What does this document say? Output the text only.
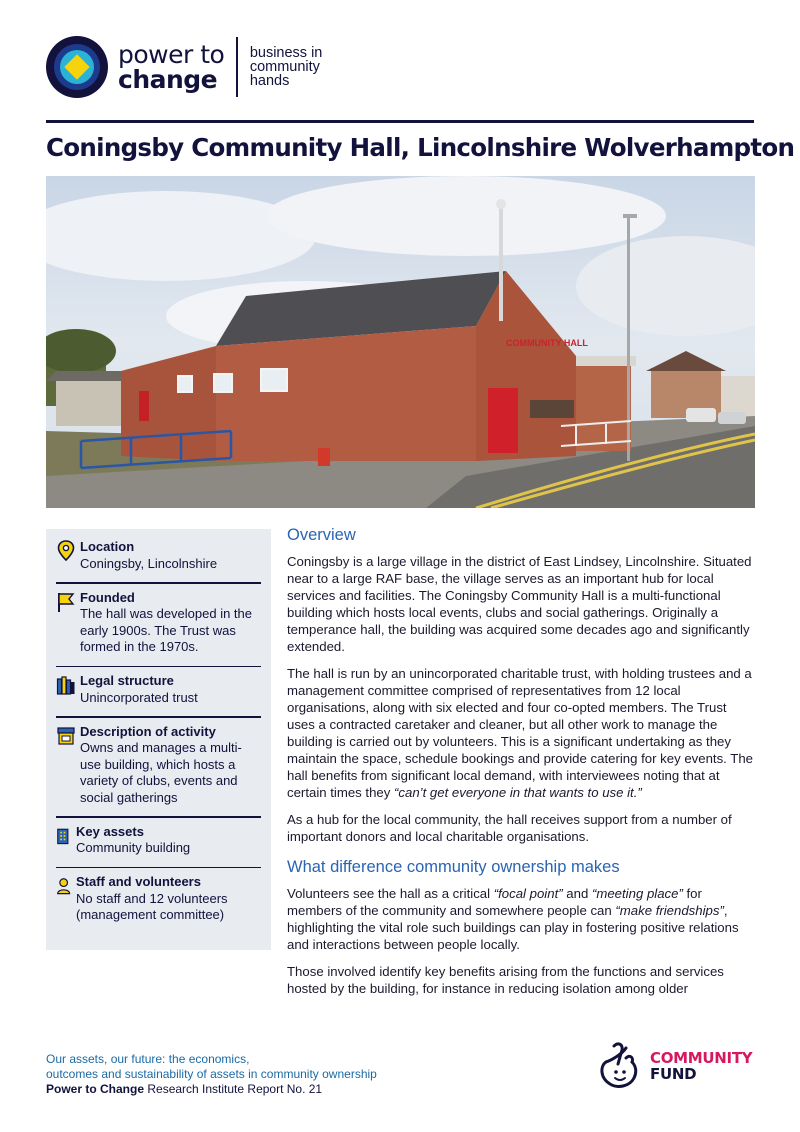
power to
change
business in
community
hands
Coningsby Community Hall, Lincolnshire Wolverhampton
COMMUNITY HALL
Location
Coningsby, Lincolnshire
Founded
The hall was developed in the early 1900s. The Trust was formed in the 1970s.
Legal structure
Unincorporated trust
Description of activity
Owns and manages a multi-use building, which hosts a variety of clubs, events and social gatherings
Key assets
Community building
Staff and volunteers
No staff and 12 volunteers (management committee)
Overview

Coningsby is a large village in the district of East Lindsey, Lincolnshire. Situated near to a large RAF base, the village serves as an important hub for local services and facilities. The Coningsby Community Hall is a multi-functional building which hosts local events, clubs and social gatherings. Originally a temperance hall, the building was acquired some decades ago and significantly extended.

The hall is run by an unincorporated charitable trust, with holding trustees and a management committee comprised of representatives from 12 local organisations, along with six elected and four co-opted members. The Trust uses a contracted caretaker and cleaner, but all other work to manage the building is carried out by volunteers. This is a significant undertaking as they maintain the space, schedule bookings and provide catering for key events. The hall benefits from significant local demand, with interviewees noting that at certain times they “can’t get everyone in that wants to use it.”

As a hub for the local community, the hall receives support from a number of important donors and local charitable organisations.

What difference community ownership makes

Volunteers see the hall as a critical “focal point” and “meeting place” for members of the community and somewhere people can “make friendships”, highlighting the vital role such buildings can play in fostering positive relations and interactions between people locally.

Those involved identify key benefits arising from the functions and services hosted by the building, for instance in reducing isolation among older

Our assets, our future: the economics,
outcomes and sustainability of assets in community ownership
Power to Change Research Institute Report No. 21
COMMUNITY
FUND
